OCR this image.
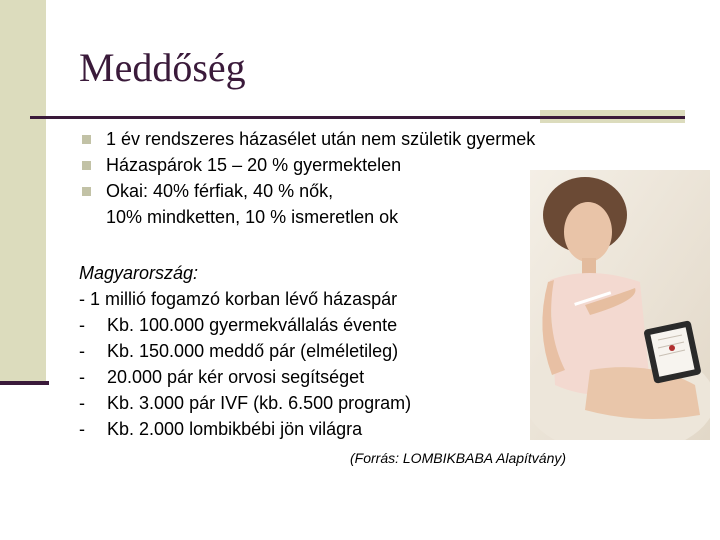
Meddőség
1 év rendszeres házasélet után nem születik gyermek
Házaspárok 15 – 20 % gyermektelen
Okai: 40% férfiak, 40 % nők,
10% mindketten, 10 % ismeretlen ok
Magyarország:
- 1 millió fogamzó korban lévő házaspár
- Kb. 100.000 gyermekvállalás évente
- Kb. 150.000 meddő pár (elméletileg)
- 20.000 pár kér orvosi segítséget
- Kb. 3.000 pár IVF (kb. 6.500 program)
- Kb. 2.000 lombikbébi jön világra
(Forrás: LOMBIKBABA Alapítvány)
